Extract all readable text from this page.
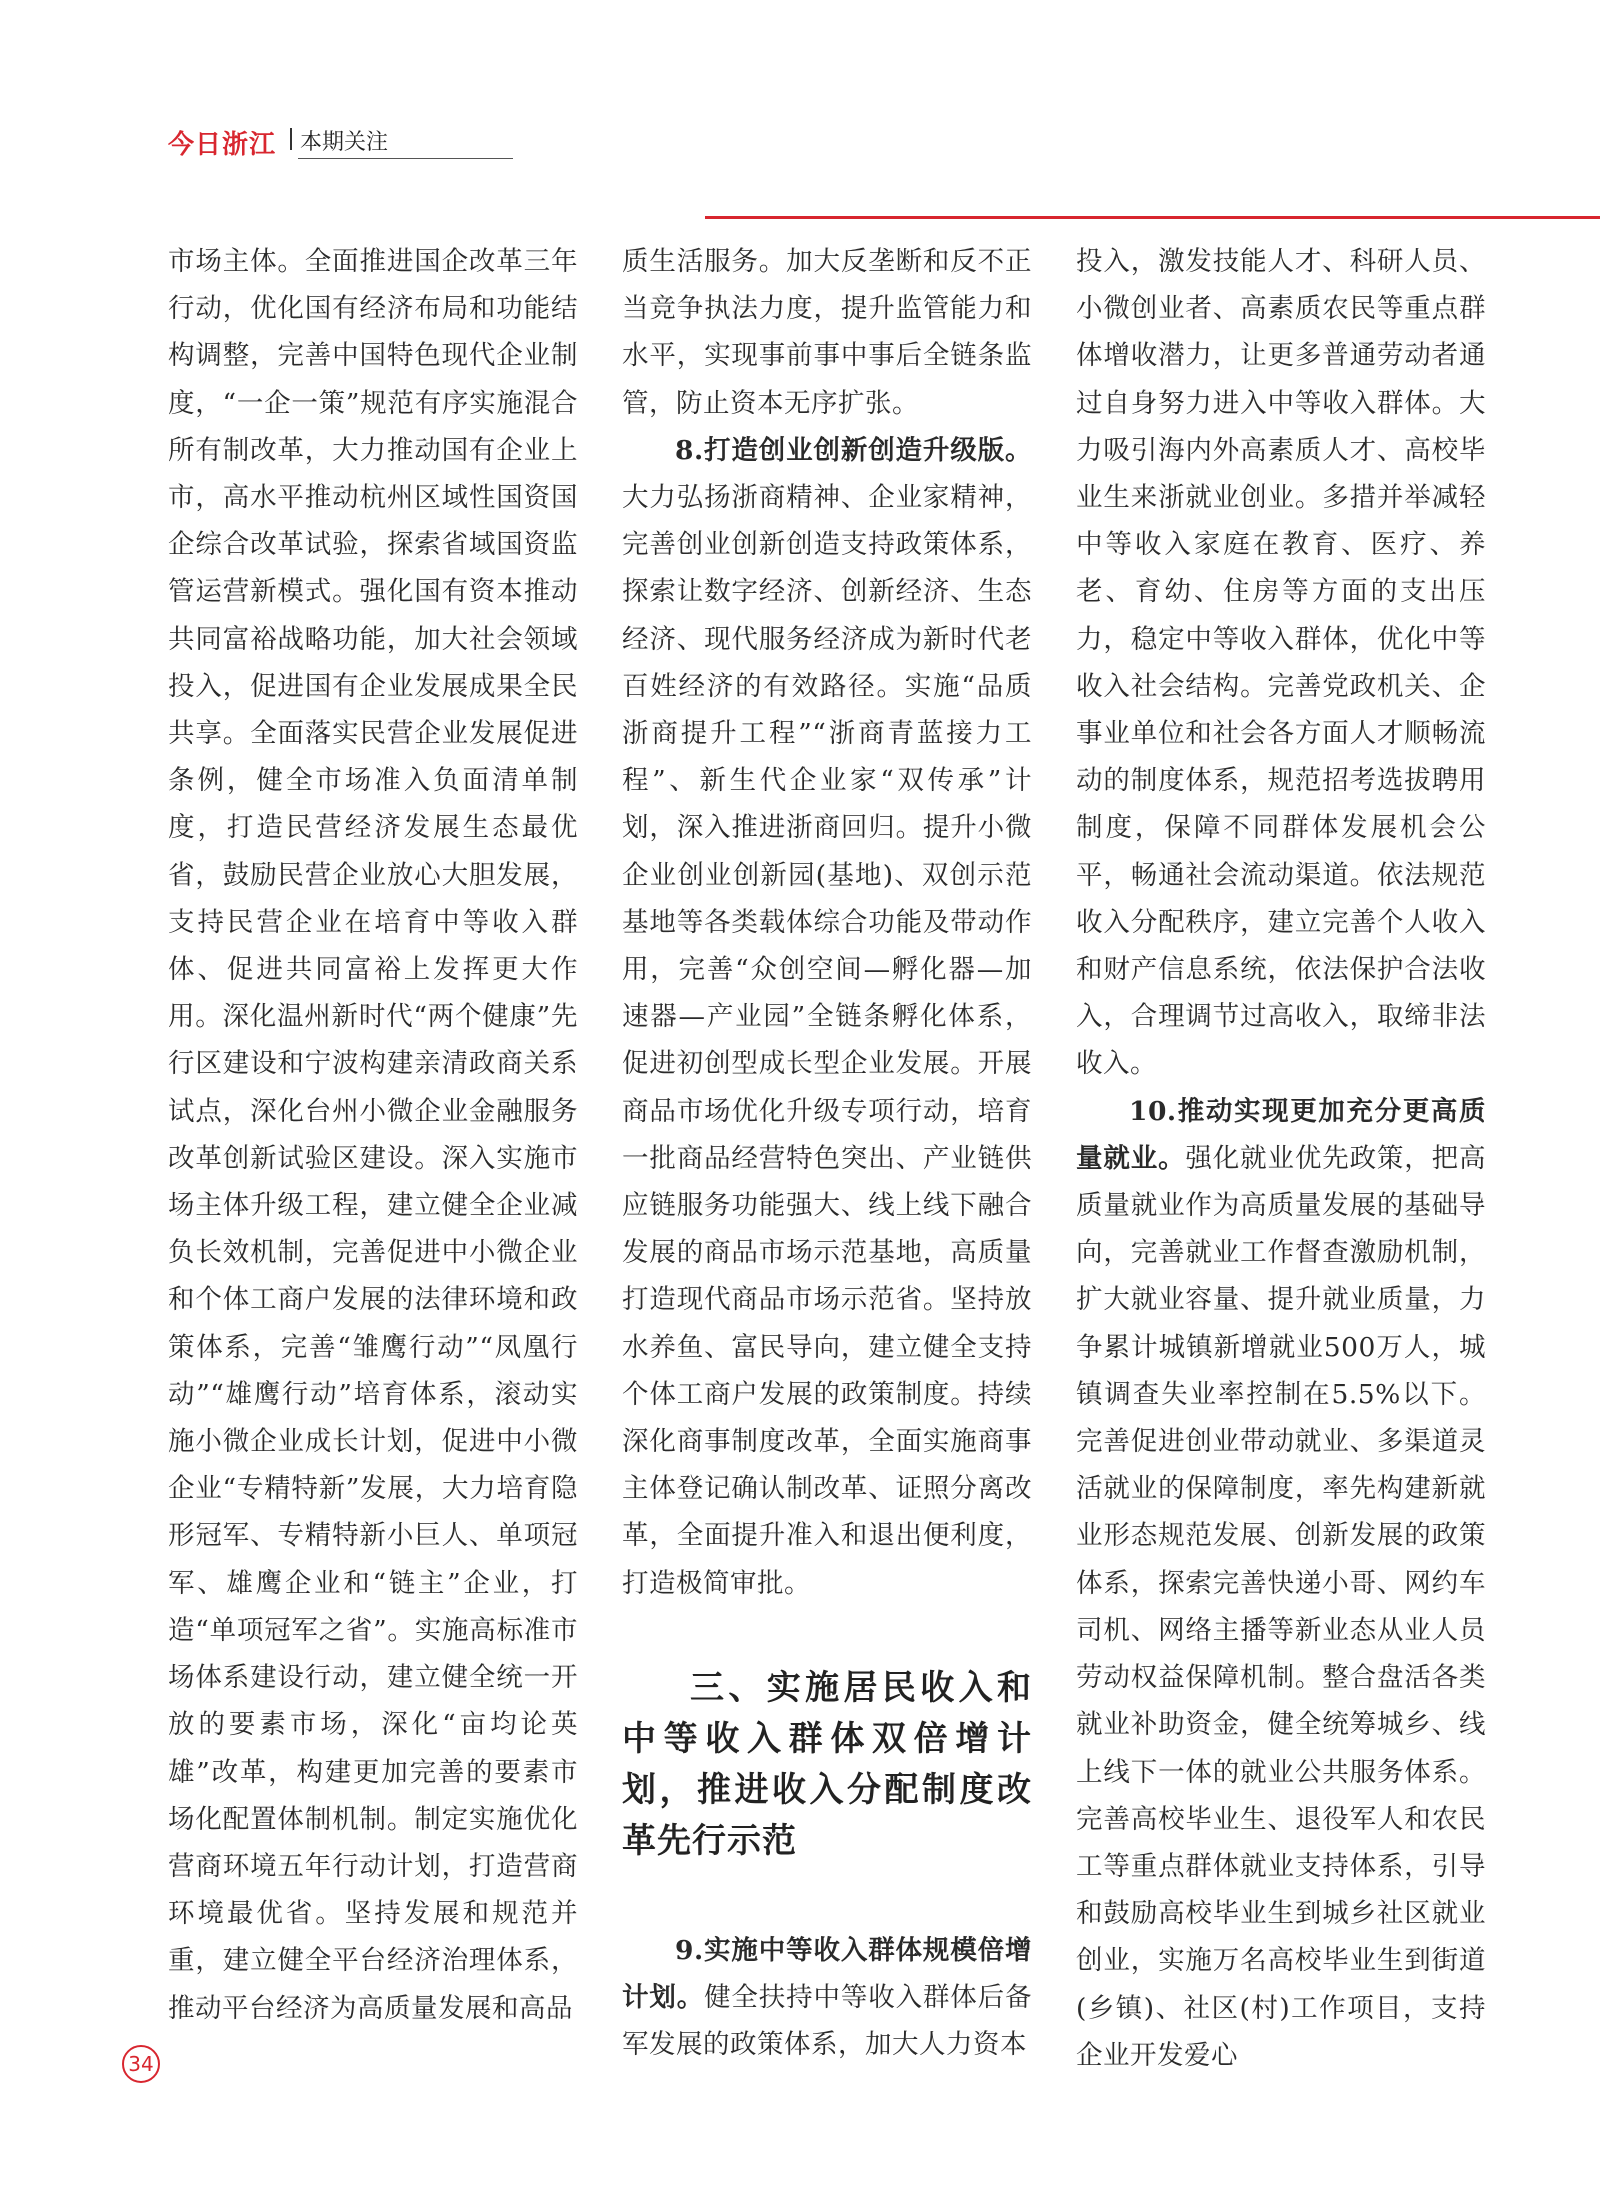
今日浙江 本期关注

市场主体。全面推进国企改革三年行动，优化国有经济布局和功能结构调整，完善中国特色现代企业制度，“一企一策”规范有序实施混合所有制改革，大力推动国有企业上市，高水平推动杭州区域性国资国企综合改革试验，探索省域国资监管运营新模式。强化国有资本推动共同富裕战略功能，加大社会领域投入，促进国有企业发展成果全民共享。全面落实民营企业发展促进条例，健全市场准入负面清单制度，打造民营经济发展生态最优省，鼓励民营企业放心大胆发展，支持民营企业在培育中等收入群体、促进共同富裕上发挥更大作用。深化温州新时代“两个健康”先行区建设和宁波构建亲清政商关系试点，深化台州小微企业金融服务改革创新试验区建设。深入实施市场主体升级工程，建立健全企业减负长效机制，完善促进中小微企业和个体工商户发展的法律环境和政策体系，完善“雏鹰行动”“凤凰行动”“雄鹰行动”培育体系，滚动实施小微企业成长计划，促进中小微企业“专精特新”发展，大力培育隐形冠军、专精特新小巨人、单项冠军、雄鹰企业和“链主”企业，打造“单项冠军之省”。实施高标准市场体系建设行动，建立健全统一开放的要素市场，深化“亩均论英雄”改革，构建更加完善的要素市场化配置体制机制。制定实施优化营商环境五年行动计划，打造营商环境最优省。坚持发展和规范并重，建立健全平台经济治理体系，推动平台经济为高质量发展和高品

质生活服务。加大反垄断和反不正当竞争执法力度，提升监管能力和水平，实现事前事中事后全链条监管，防止资本无序扩张。

8.打造创业创新创造升级版。大力弘扬浙商精神、企业家精神，完善创业创新创造支持政策体系，探索让数字经济、创新经济、生态经济、现代服务经济成为新时代老百姓经济的有效路径。实施“品质浙商提升工程”“浙商青蓝接力工程”、新生代企业家“双传承”计划，深入推进浙商回归。提升小微企业创业创新园(基地)、双创示范基地等各类载体综合功能及带动作用，完善“众创空间—孵化器—加速器—产业园”全链条孵化体系，促进初创型成长型企业发展。开展商品市场优化升级专项行动，培育一批商品经营特色突出、产业链供应链服务功能强大、线上线下融合发展的商品市场示范基地，高质量打造现代商品市场示范省。坚持放水养鱼、富民导向，建立健全支持个体工商户发展的政策制度。持续深化商事制度改革，全面实施商事主体登记确认制改革、证照分离改革，全面提升准入和退出便利度，打造极简审批。

三、实施居民收入和中等收入群体双倍增计划，推进收入分配制度改革先行示范

9.实施中等收入群体规模倍增计划。健全扶持中等收入群体后备军发展的政策体系，加大人力资本

投入，激发技能人才、科研人员、小微创业者、高素质农民等重点群体增收潜力，让更多普通劳动者通过自身努力进入中等收入群体。大力吸引海内外高素质人才、高校毕业生来浙就业创业。多措并举减轻中等收入家庭在教育、医疗、养老、育幼、住房等方面的支出压力，稳定中等收入群体，优化中等收入社会结构。完善党政机关、企事业单位和社会各方面人才顺畅流动的制度体系，规范招考选拔聘用制度，保障不同群体发展机会公平，畅通社会流动渠道。依法规范收入分配秩序，建立完善个人收入和财产信息系统，依法保护合法收入，合理调节过高收入，取缔非法收入。

10.推动实现更加充分更高质量就业。强化就业优先政策，把高质量就业作为高质量发展的基础导向，完善就业工作督查激励机制，扩大就业容量、提升就业质量，力争累计城镇新增就业500万人，城镇调查失业率控制在5.5%以下。完善促进创业带动就业、多渠道灵活就业的保障制度，率先构建新就业形态规范发展、创新发展的政策体系，探索完善快递小哥、网约车司机、网络主播等新业态从业人员劳动权益保障机制。整合盘活各类就业补助资金，健全统筹城乡、线上线下一体的就业公共服务体系。完善高校毕业生、退役军人和农民工等重点群体就业支持体系，引导和鼓励高校毕业生到城乡社区就业创业，实施万名高校毕业生到街道(乡镇)、社区(村)工作项目，支持企业开发爱心

34
